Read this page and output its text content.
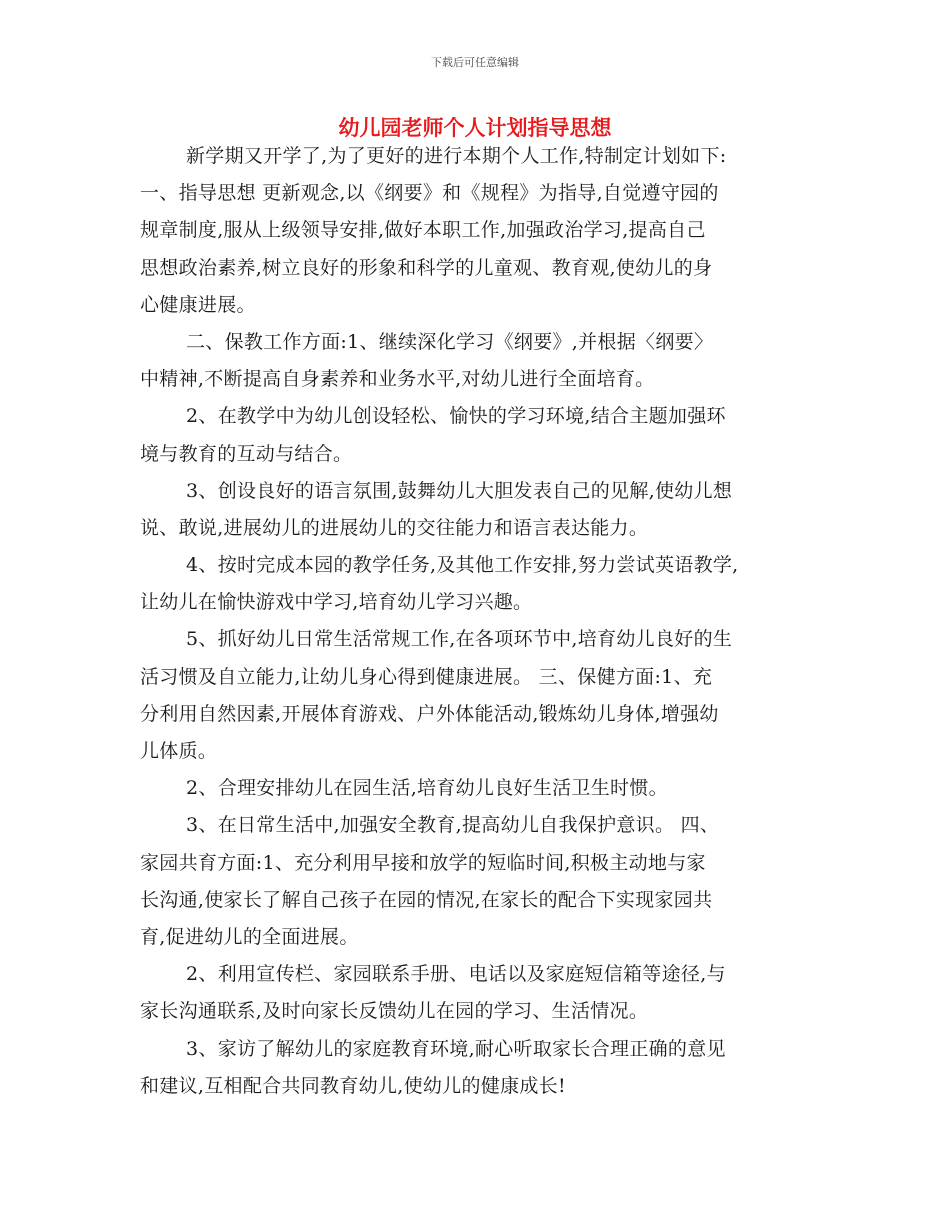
下载后可任意编辑
幼儿园老师个人计划指导思想
新学期又开学了,为了更好的进行本期个人工作,特制定计划如下:
一、指导思想 更新观念,以《纲要》和《规程》为指导,自觉遵守园的
规章制度,服从上级领导安排,做好本职工作,加强政治学习,提高自己
思想政治素养,树立良好的形象和科学的儿童观、教育观,使幼儿的身
心健康进展。
二、保教工作方面:1、继续深化学习《纲要》,并根据〈纲要〉
中精神,不断提高自身素养和业务水平,对幼儿进行全面培育。
2、在教学中为幼儿创设轻松、愉快的学习环境,结合主题加强环
境与教育的互动与结合。
3、创设良好的语言氛围,鼓舞幼儿大胆发表自己的见解,使幼儿想
说、敢说,进展幼儿的进展幼儿的交往能力和语言表达能力。
4、按时完成本园的教学任务,及其他工作安排,努力尝试英语教学,
让幼儿在愉快游戏中学习,培育幼儿学习兴趣。
5、抓好幼儿日常生活常规工作,在各项环节中,培育幼儿良好的生
活习惯及自立能力,让幼儿身心得到健康进展。 三、保健方面:1、充
分利用自然因素,开展体育游戏、户外体能活动,锻炼幼儿身体,增强幼
儿体质。
2、合理安排幼儿在园生活,培育幼儿良好生活卫生时惯。
3、在日常生活中,加强安全教育,提高幼儿自我保护意识。 四、
家园共育方面:1、充分利用早接和放学的短临时间,积极主动地与家
长沟通,使家长了解自己孩子在园的情况,在家长的配合下实现家园共
育,促进幼儿的全面进展。
2、利用宣传栏、家园联系手册、电话以及家庭短信箱等途径,与
家长沟通联系,及时向家长反馈幼儿在园的学习、生活情况。
3、家访了解幼儿的家庭教育环境,耐心听取家长合理正确的意见
和建议,互相配合共同教育幼儿,使幼儿的健康成长!
